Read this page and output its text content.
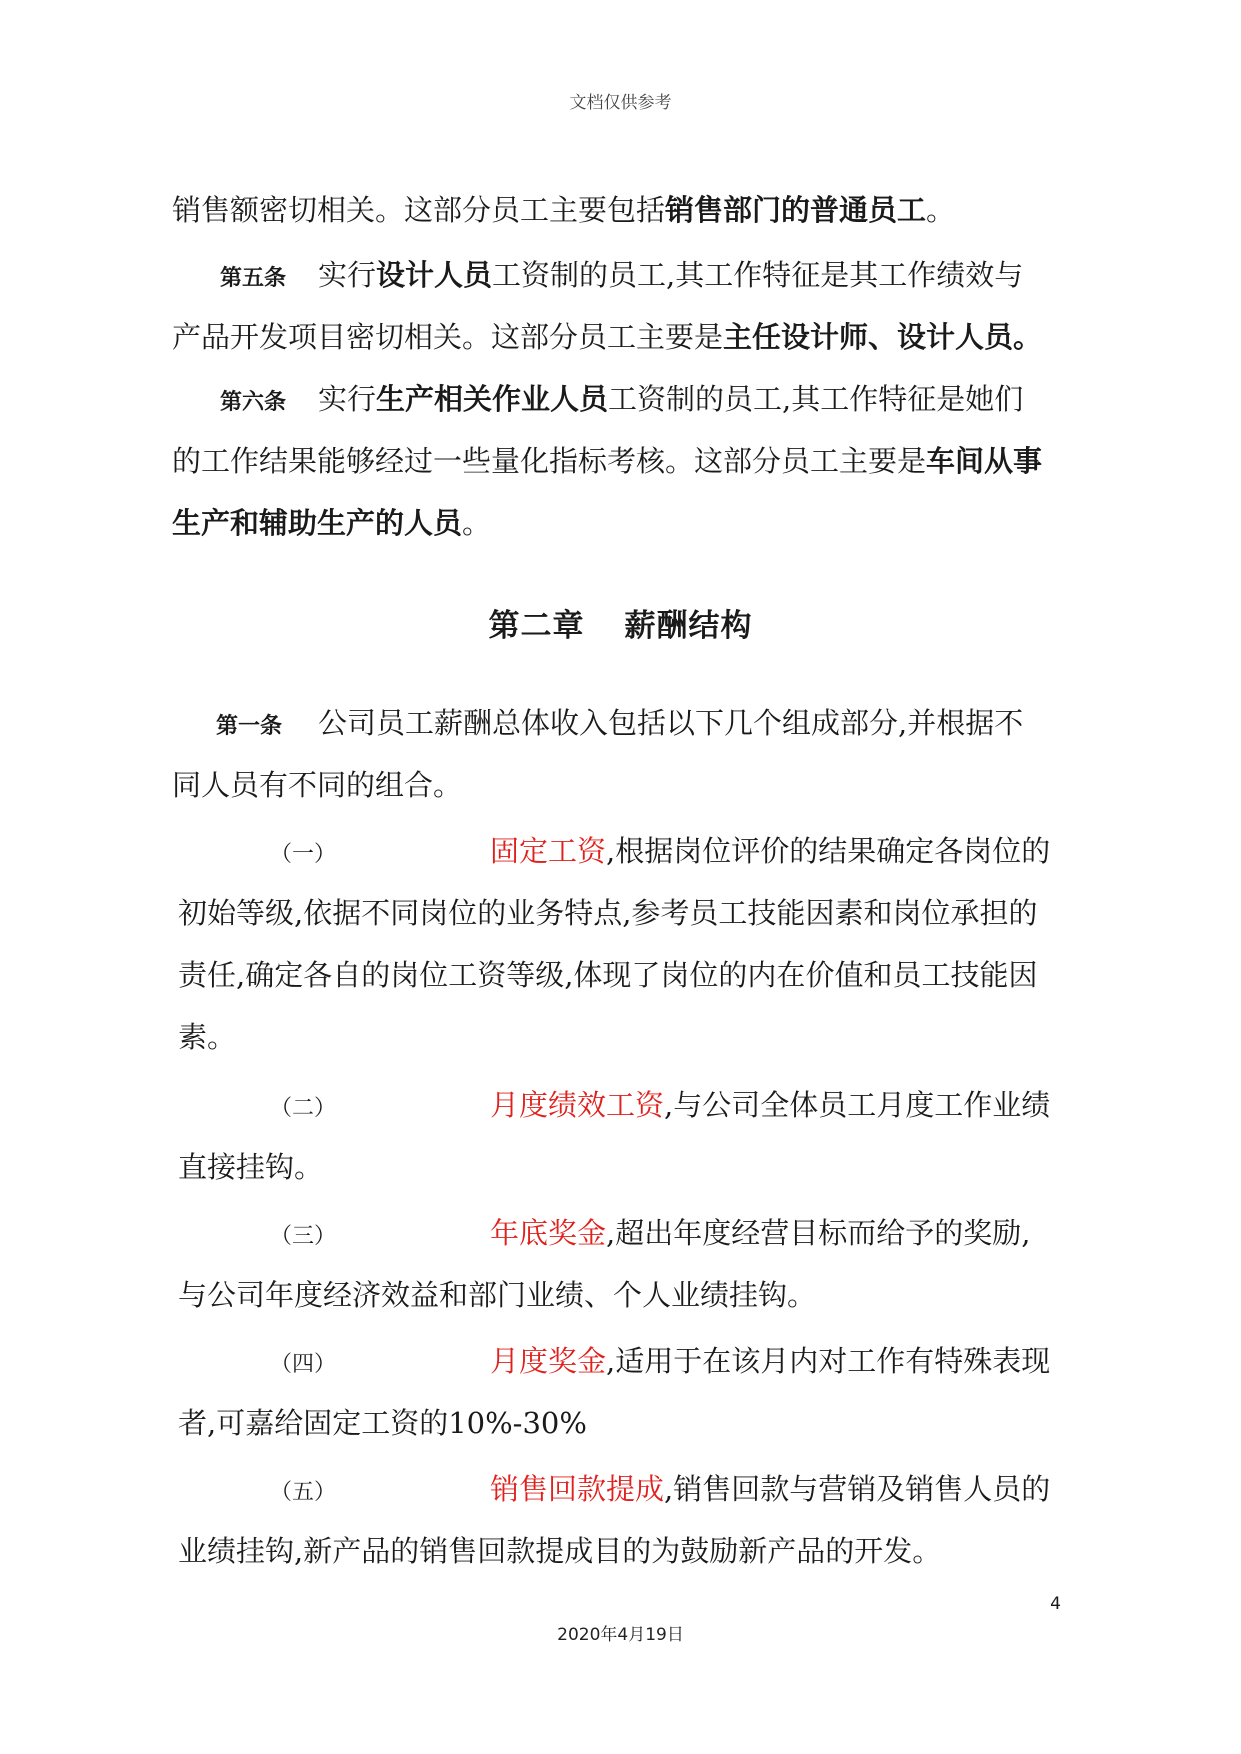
文档仅供参考
销售额密切相关。这部分员工主要包括销售部门的普通员工。
第五条 实行设计人员工资制的员工,其工作特征是其工作绩效与
产品开发项目密切相关。这部分员工主要是主任设计师、设计人员。
第六条 实行生产相关作业人员工资制的员工,其工作特征是她们
的工作结果能够经过一些量化指标考核。这部分员工主要是车间从事
生产和辅助生产的人员。
第二章 薪酬结构
第一条 公司员工薪酬总体收入包括以下几个组成部分,并根据不
同人员有不同的组合。
（一）	固定工资,根据岗位评价的结果确定各岗位的
初始等级,依据不同岗位的业务特点,参考员工技能因素和岗位承担的
责任,确定各自的岗位工资等级,体现了岗位的内在价值和员工技能因
素。
（二）	月度绩效工资,与公司全体员工月度工作业绩
直接挂钩。
（三）	年底奖金,超出年度经营目标而给予的奖励,
与公司年度经济效益和部门业绩、个人业绩挂钩。
（四）	月度奖金,适用于在该月内对工作有特殊表现
者,可嘉给固定工资的10%-30%
（五）	销售回款提成,销售回款与营销及销售人员的
业绩挂钩,新产品的销售回款提成目的为鼓励新产品的开发。
4
2020年4月19日
